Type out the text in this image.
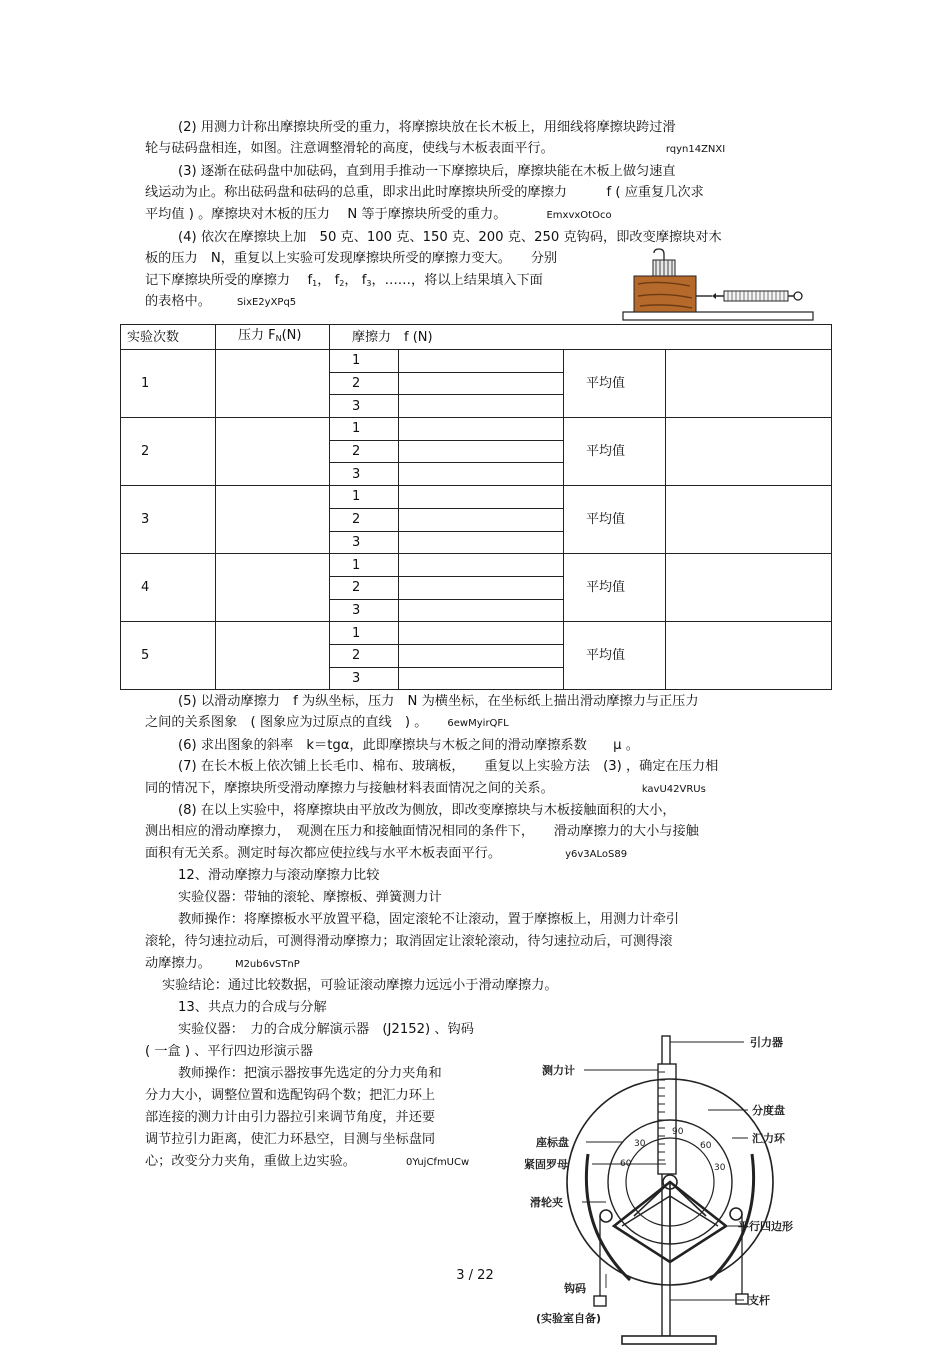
(2) 用测力计称出摩擦块所受的重力，将摩擦块放在长木板上，用细线将摩擦块跨过滑
轮与砝码盘相连，如图。注意调整滑轮的高度，使线与木板表面平行。	rqyn14ZNXI
(3) 逐渐在砝码盘中加砝码，直到用手推动一下摩擦块后，摩擦块能在木板上做匀速直
线运动为止。称出砝码盘和砝码的总重，即求出此时摩擦块所受的摩擦力　　　f ( 应重复几次求
平均值 ) 。摩擦块对木板的压力　 N 等于摩擦块所受的重力。	EmxvxOtOco
(4) 依次在摩擦块上加　50 克、100 克、150 克、200 克、250 克钩码，即改变摩擦块对木
板的压力　N，重复以上实验可发现摩擦块所受的摩擦力变大。　　分别
记下摩擦块所受的摩擦力　 $f_1$， $f_2$， $f_3$，……，将以上结果填入下面
的表格中。	SixE2yXPq5
实验次数	压力 $F_N(N)$	摩擦力　f (N)			
1		1		平均值	
		2			
		3			
2		1		平均值	
		2			
		3			
3		1		平均值	
		2			
		3			
4		1		平均值	
		2			
		3			
5		1		平均值	
		2			
		3			
(5) 以滑动摩擦力　f 为纵坐标，压力　N 为横坐标，在坐标纸上描出滑动摩擦力与正压力
之间的关系图象　( 图象应为过原点的直线　) 。 6ewMyirQFL
(6) 求出图象的斜率　k＝tgα，此即摩擦块与木板之间的滑动摩擦系数　　μ 。
(7) 在长木板上依次铺上长毛巾、棉布、玻璃板，　　重复以上实验方法　(3) ，确定在压力相
同的情况下，摩擦块所受滑动摩擦力与接触材料表面情况之间的关系。	kavU42VRUs
(8) 在以上实验中，将摩擦块由平放改为侧放，即改变摩擦块与木板接触面积的大小，
测出相应的滑动摩擦力，　观测在压力和接触面情况相同的条件下，　　滑动摩擦力的大小与接触
面积有无关系。测定时每次都应使拉线与水平木板表面平行。	y6v3ALoS89
12、滑动摩擦力与滚动摩擦力比较
实验仪器：带轴的滚轮、摩擦板、弹簧测力计
教师操作：将摩擦板水平放置平稳，固定滚轮不让滚动，置于摩擦板上，用测力计牵引
滚轮，待匀速拉动后，可测得滑动摩擦力；取消固定让滚轮滚动，待匀速拉动后，可测得滚
动摩擦力。 M2ub6vSTnP
实验结论：通过比较数据，可验证滚动摩擦力远远小于滑动摩擦力。
13、共点力的合成与分解
实验仪器：　力的合成分解演示器　(J2152) 、钩码
( 一盒 ) 、平行四边形演示器
教师操作：把演示器按事先选定的分力夹角和
分力大小，调整位置和选配钩码个数；把汇力环上
部连接的测力计由引力器拉引来调节角度，并还要
调节拉引力距离，使汇力环悬空，目测与坐标盘同
心；改变分力夹角，重做上边实验。	0YujCfmUCw
30
90
60
30
引力器
测力计
分度盘
座标盘	汇力环
紧固罗母
滑轮夹
平行四边形
钩码
支杆
(实验室自备)
3 / 22
